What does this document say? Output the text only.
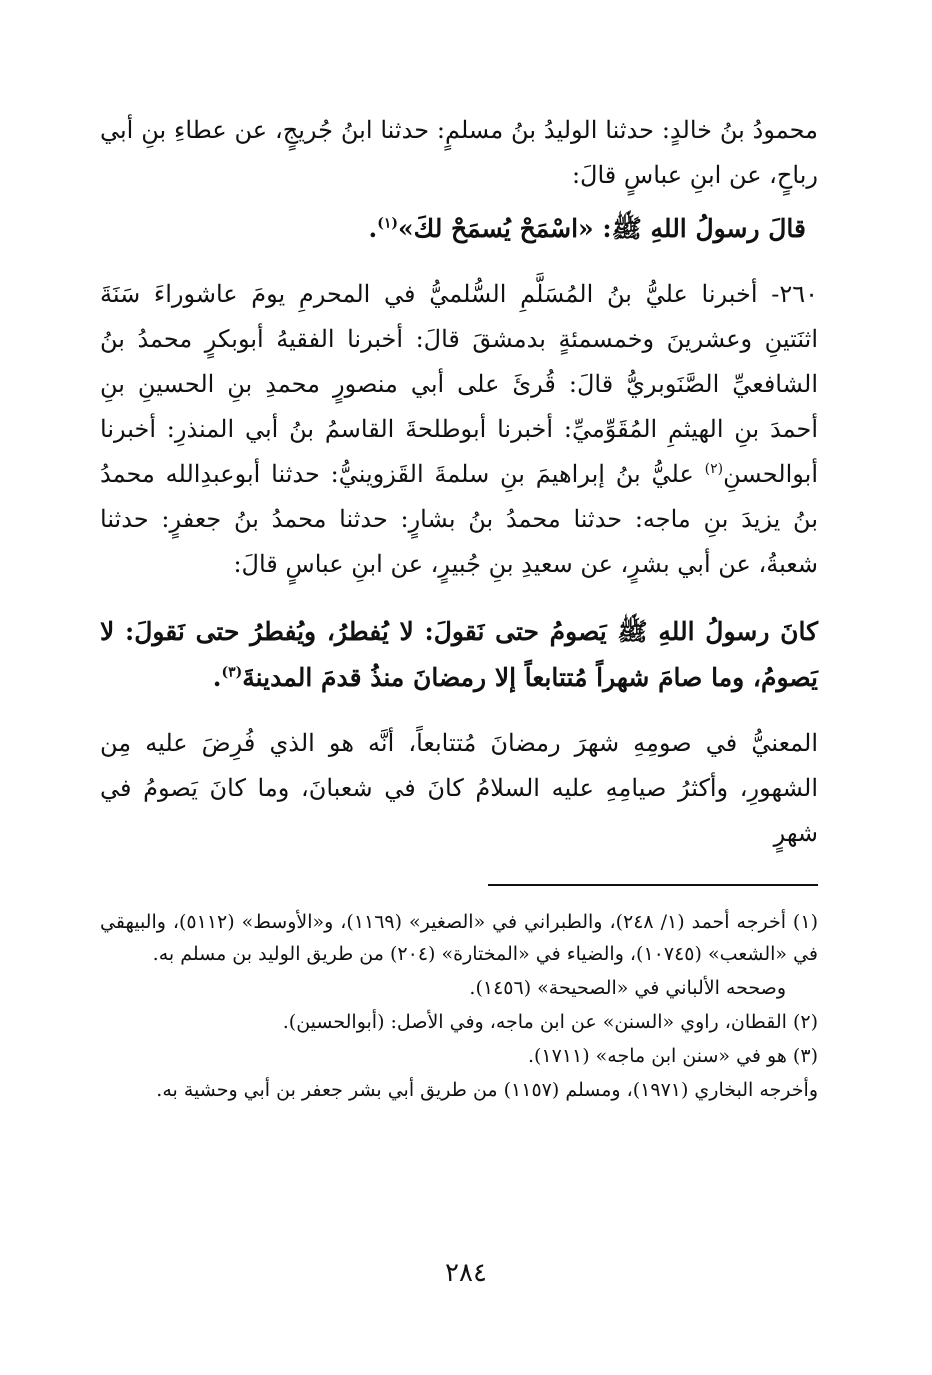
محمودُ بنُ خالدٍ: حدثنا الوليدُ بنُ مسلمٍ: حدثنا ابنُ جُريجٍ، عن عطاءِ بنِ أبي رباحٍ، عن ابنِ عباسٍ قالَ:

قالَ رسولُ اللهِ ﷺ: «اسْمَحْ يُسمَحْ لكَ»$^{(١)}$.

٢٦٠- أخبرنا عليُّ بنُ المُسَلَّمِ السُّلميُّ في المحرمِ يومَ عاشوراءَ سَنَةَ اثنَتينِ وعشرينَ وخمسمئةٍ بدمشقَ قالَ: أخبرنا الفقيهُ أبوبكرٍ محمدُ بنُ الشافعيِّ الصَّنَوبريُّ قالَ: قُرئَ على أبي منصورٍ محمدِ بنِ الحسينِ بنِ أحمدَ بنِ الهيثمِ المُقَوِّميِّ: أخبرنا أبوطلحةَ القاسمُ بنُ أبي المنذرِ: أخبرنا أبوالحسنِ$^{(٢)}$ عليُّ بنُ إبراهيمَ بنِ سلمةَ القَزوينيُّ: حدثنا أبوعبدِالله محمدُ بنُ يزيدَ بنِ ماجه: حدثنا محمدُ بنُ بشارٍ: حدثنا محمدُ بنُ جعفرٍ: حدثنا شعبةُ، عن أبي بشرٍ، عن سعيدِ بنِ جُبيرٍ، عن ابنِ عباسٍ قالَ:

كانَ رسولُ اللهِ ﷺ يَصومُ حتى نَقولَ: لا يُفطرُ، ويُفطرُ حتى نَقولَ: لا يَصومُ، وما صامَ شهراً مُتتابعاً إلا رمضانَ منذُ قدمَ المدينةَ$^{(٣)}$.

المعنيُّ في صومِهِ شهرَ رمضانَ مُتتابعاً، أنَّه هو الذي فُرِضَ عليه مِن الشهورِ، وأكثرُ صيامِهِ عليه السلامُ كانَ في شعبانَ، وما كانَ يَصومُ في شهرٍ

(١) أخرجه أحمد (١/ ٢٤٨)، والطبراني في «الصغير» (١١٦٩)، و«الأوسط» (٥١١٢)، والبيهقي في «الشعب» (١٠٧٤٥)، والضياء في «المختارة» (٢٠٤) من طريق الوليد بن مسلم به.

وصححه الألباني في «الصحيحة» (١٤٥٦).

(٢) القطان، راوي «السنن» عن ابن ماجه، وفي الأصل: (أبوالحسين).

(٣) هو في «سنن ابن ماجه» (١٧١١).

وأخرجه البخاري (١٩٧١)، ومسلم (١١٥٧) من طريق أبي بشر جعفر بن أبي وحشية به.

٢٨٤
